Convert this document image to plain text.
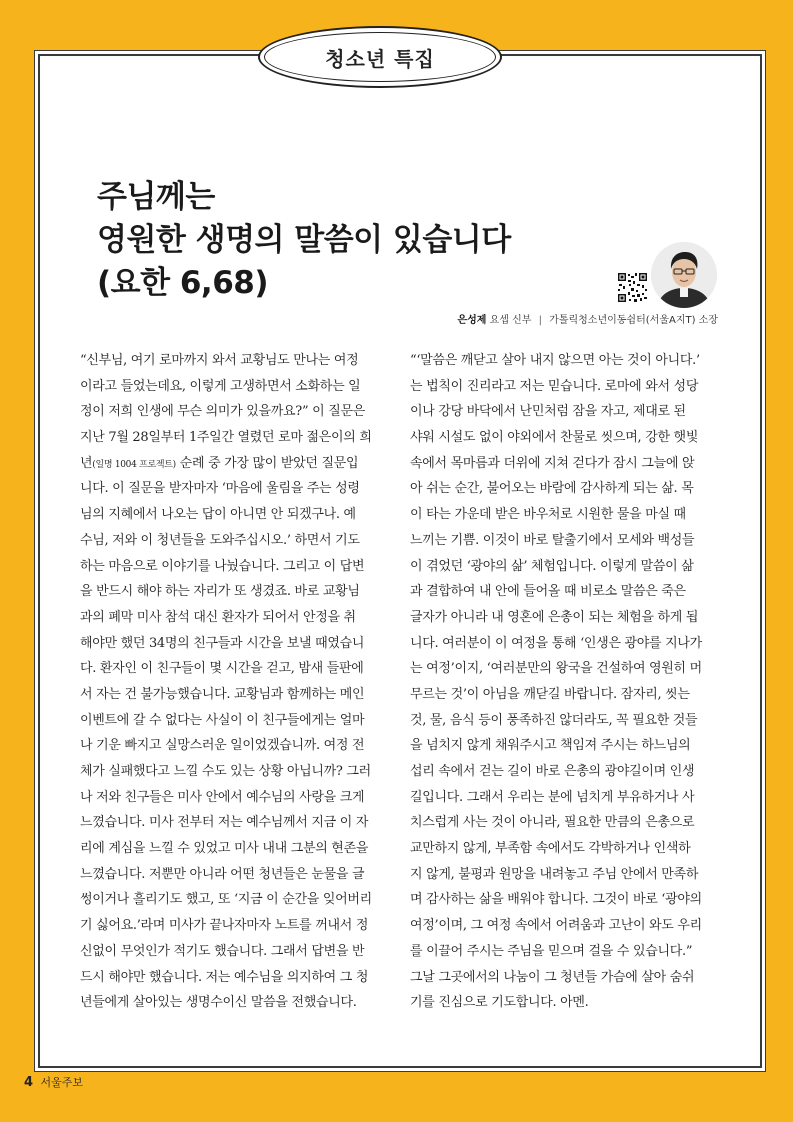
청소년 특집
주님께는
영원한 생명의 말씀이 있습니다
(요한 6,68)
은성제 요셉 신부 | 가톨릭청소년이동쉼터(서울A지T) 소장
“신부님, 여기 로마까지 와서 교황님도 만나는 여정
이라고 들었는데요, 이렇게 고생하면서 소화하는 일
정이 저희 인생에 무슨 의미가 있을까요?” 이 질문은
지난 7월 28일부터 1주일간 열렸던 로마 젊은이의 희
년(일명 1004 프로젝트) 순례 중 가장 많이 받았던 질문입
니다. 이 질문을 받자마자 ‘마음에 울림을 주는 성령
님의 지혜에서 나오는 답이 아니면 안 되겠구나. 예
수님, 저와 이 청년들을 도와주십시오.’ 하면서 기도
하는 마음으로 이야기를 나눴습니다. 그리고 이 답변
을 반드시 해야 하는 자리가 또 생겼죠. 바로 교황님
과의 폐막 미사 참석 대신 환자가 되어서 안정을 취
해야만 했던 34명의 친구들과 시간을 보낼 때였습니
다. 환자인 이 친구들이 몇 시간을 걷고, 밤새 들판에
서 자는 건 불가능했습니다. 교황님과 함께하는 메인
이벤트에 갈 수 없다는 사실이 이 친구들에게는 얼마
나 기운 빠지고 실망스러운 일이었겠습니까. 여정 전
체가 실패했다고 느낄 수도 있는 상황 아닙니까? 그러
나 저와 친구들은 미사 안에서 예수님의 사랑을 크게
느꼈습니다. 미사 전부터 저는 예수님께서 지금 이 자
리에 계심을 느낄 수 있었고 미사 내내 그분의 현존을
느꼈습니다. 저뿐만 아니라 어떤 청년들은 눈물을 글
썽이거나 흘리기도 했고, 또 ‘지금 이 순간을 잊어버리
기 싫어요.’라며 미사가 끝나자마자 노트를 꺼내서 정
신없이 무엇인가 적기도 했습니다. 그래서 답변을 반
드시 해야만 했습니다. 저는 예수님을 의지하여 그 청
년들에게 살아있는 생명수이신 말씀을 전했습니다.
“‘말씀은 깨닫고 살아 내지 않으면 아는 것이 아니다.’
는 법칙이 진리라고 저는 믿습니다. 로마에 와서 성당
이나 강당 바닥에서 난민처럼 잠을 자고, 제대로 된
샤워 시설도 없이 야외에서 찬물로 씻으며, 강한 햇빛
속에서 목마름과 더위에 지쳐 걷다가 잠시 그늘에 앉
아 쉬는 순간, 불어오는 바람에 감사하게 되는 삶. 목
이 타는 가운데 받은 바우처로 시원한 물을 마실 때
느끼는 기쁨. 이것이 바로 탈출기에서 모세와 백성들
이 겪었던 ‘광야의 삶’ 체험입니다. 이렇게 말씀이 삶
과 결합하여 내 안에 들어올 때 비로소 말씀은 죽은
글자가 아니라 내 영혼에 은총이 되는 체험을 하게 됩
니다. 여러분이 이 여정을 통해 ‘인생은 광야를 지나가
는 여정’이지, ‘여러분만의 왕국을 건설하여 영원히 머
무르는 것’이 아님을 깨닫길 바랍니다. 잠자리, 씻는
것, 물, 음식 등이 풍족하진 않더라도, 꼭 필요한 것들
을 넘치지 않게 채워주시고 책임져 주시는 하느님의
섭리 속에서 걷는 길이 바로 은총의 광야길이며 인생
길입니다. 그래서 우리는 분에 넘치게 부유하거나 사
치스럽게 사는 것이 아니라, 필요한 만큼의 은총으로
교만하지 않게, 부족함 속에서도 각박하거나 인색하
지 않게, 불평과 원망을 내려놓고 주님 안에서 만족하
며 감사하는 삶을 배워야 합니다. 그것이 바로 ‘광야의
여정’이며, 그 여정 속에서 어려움과 고난이 와도 우리
를 이끌어 주시는 주님을 믿으며 걸을 수 있습니다.”
그날 그곳에서의 나눔이 그 청년들 가슴에 살아 숨쉬
기를 진심으로 기도합니다. 아멘.
4 서울주보
